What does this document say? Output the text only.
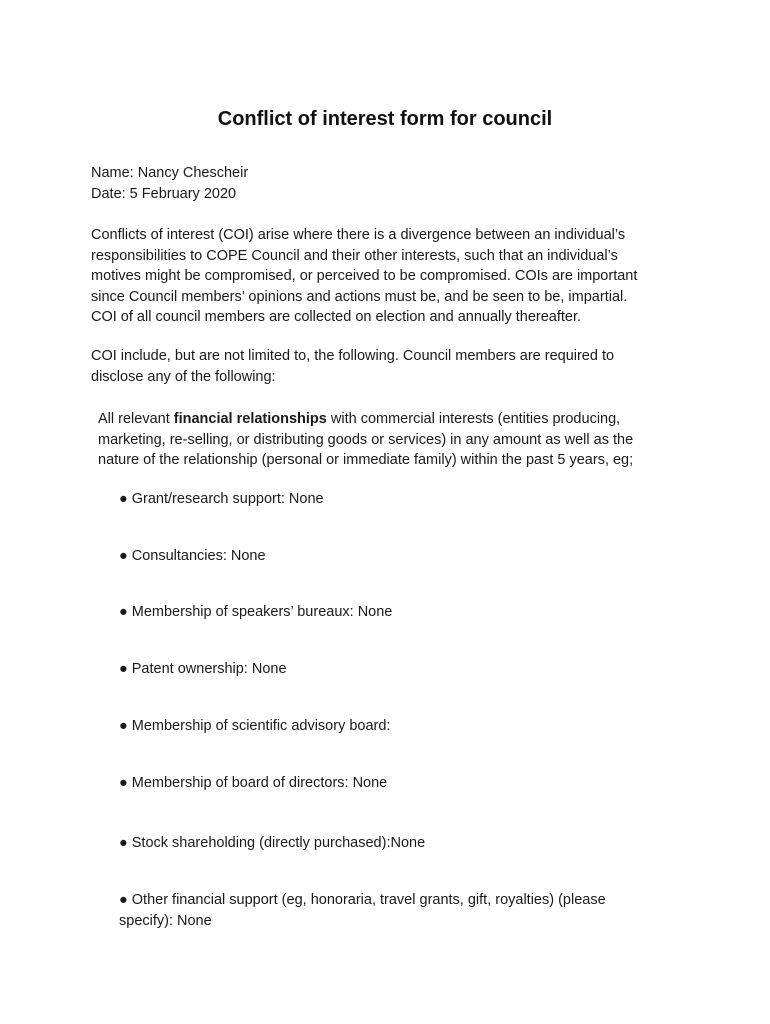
Conflict of interest form for council
Name: Nancy Chescheir
Date: 5 February 2020
Conflicts of interest (COI) arise where there is a divergence between an individual’s
responsibilities to COPE Council and their other interests, such that an individual’s
motives might be compromised, or perceived to be compromised. COIs are important
since Council members’ opinions and actions must be, and be seen to be, impartial.
COI of all council members are collected on election and annually thereafter.
COI include, but are not limited to, the following. Council members are required to
disclose any of the following:
All relevant financial relationships with commercial interests (entities producing,
marketing, re-selling, or distributing goods or services) in any amount as well as the
nature of the relationship (personal or immediate family) within the past 5 years, eg;
● Grant/research support: None
● Consultancies: None
● Membership of speakers’ bureaux: None
● Patent ownership: None
● Membership of scientific advisory board:
● Membership of board of directors: None
● Stock shareholding (directly purchased):None
● Other financial support (eg, honoraria, travel grants, gift, royalties) (please
specify): None
